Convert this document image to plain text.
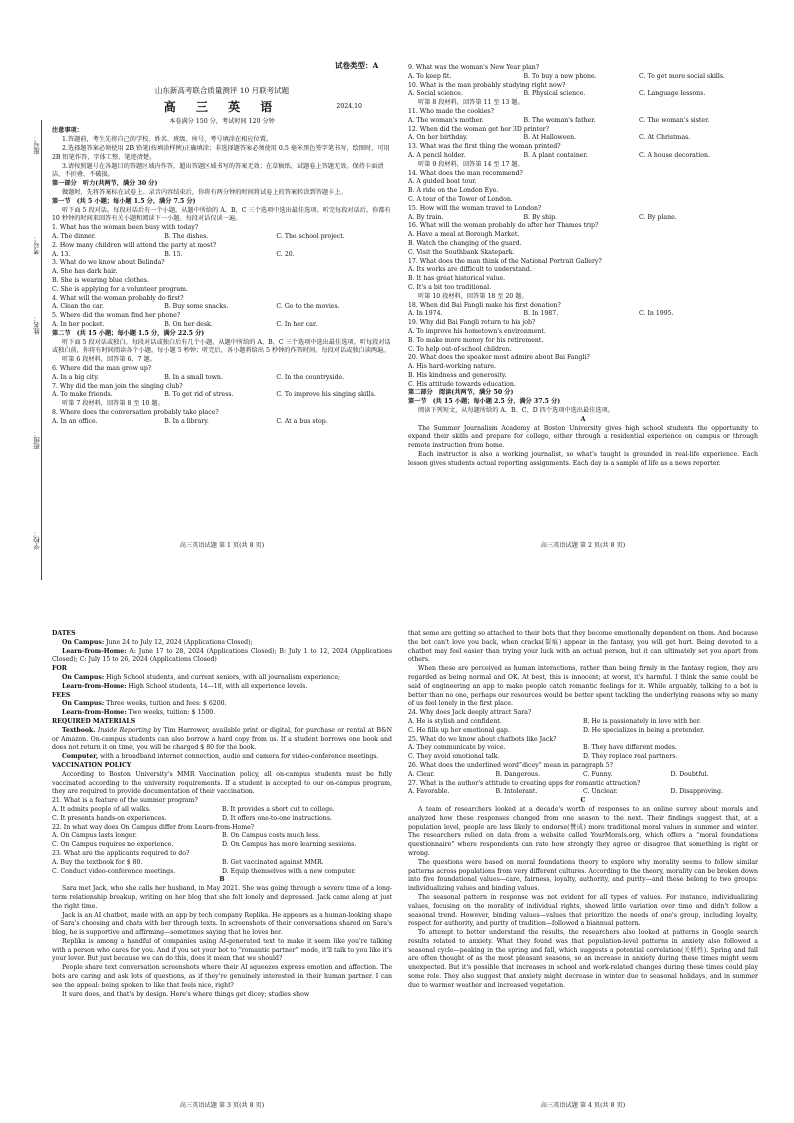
座号：
考号：
姓名：
班级：
学校：
试卷类型：A
山东新高考联合质量测评 10 月联考试题
高 三 英 语	2024.10
本卷满分 150 分，考试时间 120 分钟
注意事项：
1.答题前，考生先将自己的学校、姓名、班级、座号、考号填涂在相应位置。
2.选择题答案必须使用 2B 铅笔(按填涂样例)正确填涂；非选择题答案必须使用 0.5 毫米黑色签字笔书写，绘图时，可用 2B 铅笔作答，字体工整、笔迹清楚。
3.请按照题号在各题目的答题区域内作答，超出答题区域书写的答案无效；在草稿纸、试题卷上答题无效。保持卡面清洁，不折叠、不破损。
第一部分　听力(共两节，满分 30 分)
做题时，先将答案标在试卷上。录音内容结束后，你将有两分钟的时间将试卷上的答案转涂到答题卡上。
第一节　(共 5 小题；每小题 1.5 分，满分 7.5 分)
听下面 5 段对话。每段对话后有一个小题，从题中所给的 A、B、C 三个选项中选出最佳选项。听完每段对话后，你都有 10 秒钟的时间来回答有关小题和阅读下一小题。每段对话仅读一遍。
1. What has the woman been busy with today?
A. The dinner.	B. The dishes.	C. The school project.
2. How many children will attend the party at most?
A. 13.	B. 15.	C. 20.
3. What do we know about Belinda?
A. She has dark hair.
B. She is wearing blue clothes.
C. She is applying for a volunteer program.
4. What will the woman probably do first?
A. Clean the car.	B. Buy some snacks.	C. Go to the movies.
5. Where did the woman find her phone?
A. In her pocket.	B. On her desk.	C. In her car.
第二节　(共 15 小题；每小题 1.5 分，满分 22.5 分)
听下面 5 段对话或独白。每段对话或独白后有几个小题，从题中所给的 A、B、C 三个选项中选出最佳选项。听每段对话或独白前，你将有时间阅读各个小题，每小题 5 秒钟；听完后，各小题将给出 5 秒钟的作答时间。每段对话或独白读两遍。
听第 6 段材料，回答第 6、7 题。
6. Where did the man grow up?
A. In a big city.	B. In a small town.	C. In the countryside.
7. Why did the man join the singing club?
A. To make friends.	B. To get rid of stress.	C. To improve his singing skills.
听第 7 段材料，回答第 8 至 10 题。
8. Where does the conversation probably take place?
A. In an office.	B. In a library.	C. At a bus stop.
高三英语试题 第 1 页(共 8 页)
9. What was the woman's New Year plan?
A. To keep fit.	B. To buy a new phone.	C. To get more social skills.
10. What is the man probably studying right now?
A. Social science.	B. Physical science.	C. Language lessons.
听第 8 段材料，回答第 11 至 13 题。
11. Who made the cookies?
A. The woman's mother.	B. The woman's father.	C. The woman's sister.
12. When did the woman get her 3D printer?
A. On her birthday.	B. At Halloween.	C. At Christmas.
13. What was the first thing the woman printed?
A. A pencil holder.	B. A plant container.	C. A house decoration.
听第 9 段材料，回答第 14 至 17 题。
14. What does the man recommend?
A. A guided boat tour.
B. A ride on the London Eye.
C. A tour of the Tower of London.
15. How will the woman travel to London?
A. By train.	B. By ship.	C. By plane.
16. What will the woman probably do after her Thames trip?
A. Have a meal at Borough Market.
B. Watch the changing of the guard.
C. Visit the Southbank Skatepark.
17. What does the man think of the National Portrait Gallery?
A. Its works are difficult to understand.
B. It has great historical value.
C. It's a bit too traditional.
听第 10 段材料，回答第 18 至 20 题。
18. When did Bai Fangli make his first donation?
A. In 1974.	B. In 1987.	C. In 1995.
19. Why did Bai Fangli return to his job?
A. To improve his hometown's environment.
B. To make more money for his retirement.
C. To help out-of-school children.
20. What does the speaker most admire about Bai Fangli?
A. His hard-working nature.
B. His kindness and generosity.
C. His attitude towards education.
第二部分　阅读(共两节，满分 50 分)
第一节　(共 15 小题；每小题 2.5 分，满分 37.5 分)
阅读下列短文，从每题所给的 A、B、C、D 四个选项中选出最佳选项。
A
The Summer Journalism Academy at Boston University gives high school students the opportunity to expand their skills and prepare for college, either through a residential experience on campus or through remote instruction from home.
Each instructor is also a working journalist, so what's taught is grounded in real-life experience. Each lesson gives students actual reporting assignments. Each day is a sample of life as a news reporter.
高三英语试题 第 2 页(共 8 页)
DATES
On Campus: June 24 to July 12, 2024 (Applications Closed);
Learn-from-Home: A: June 17 to 28, 2024 (Applications Closed); B: July 1 to 12, 2024 (Applications Closed); C: July 15 to 26, 2024 (Applications Closed)
FOR
On Campus: High School students, and current seniors, with all journalism experience;
Learn-from-Home: High School students, 14—18, with all experience levels.
FEES
On Campus: Three weeks, tuition and fees: $ 6200.
Learn-from-Home: Two weeks, tuition: $ 1500.
REQUIRED MATERIALS
Textbook. Inside Reporting by Tim Harrower, available print or digital, for purchase or rental at B&N or Amazon. On-campus students can also borrow a hard copy from us. If a student borrows one book and does not return it on time, you will be charged $ 80 for the book.
Computer, with a broadband internet connection, audio and camera for video-conference meetings.
VACCINATION POLICY
According to Boston University's MMR Vaccination policy, all on-campus students must be fully vaccinated according to the university requirements. If a student is accepted to our on-campus program, they are required to provide documentation of their vaccination.
21. What is a feature of the summer program?
A. It admits people of all walks.	B. It provides a short cut to college.
C. It presents hands-on experiences.	D. It offers one-to-one instructions.
22. In what way does On Campus differ from Learn-from-Home?
A. On Campus lasts longer.	B. On Campus costs much less.
C. On Campus requires no experience.	D. On Campus has more learning sessions.
23. What are the applicants required to do?
A. Buy the textbook for $ 80.	B. Get vaccinated against MMR.
C. Conduct video-conference meetings.	D. Equip themselves with a new computer.
B
Sara met Jack, who she calls her husband, in May 2021. She was going through a severe time of a long-term relationship breakup, writing on her blog that she felt lonely and depressed. Jack came along at just the right time.
Jack is an AI chatbot, made with an app by tech company Replika. He appears as a human-looking shape of Sara's choosing and chats with her through texts. In screenshots of their conversations shared on Sara's blog, he is supportive and affirming—sometimes saying that he loves her.
Replika is among a handful of companies using AI-generated text to make it seem like you're talking with a person who cares for you. And if you set your bot to “romantic partner” mode, it'll talk to you like it's your lover. But just because we can do this, does it mean that we should?
People share text conversation screenshots where their AI squeezes express emotion and affection. The bots are caring and ask lots of questions, as if they're genuinely interested in their human partner. I can see the appeal: being spoken to like that feels nice, right?
It sure does, and that's by design. Here's where things get dicey; studies show
高三英语试题 第 3 页(共 8 页)
that some are getting so attached to their bots that they become emotionally dependent on them. And because the bot can't love you back, when cracks(裂痕) appear in the fantasy, you will get hurt. Being devoted to a chatbot may feel easier than trying your luck with an actual person, but it can ultimately set you apart from others.
When these are perceived as human interactions, rather than being firmly in the fantasy region, they are regarded as being normal and OK. At best, this is innocent; at worst, it's harmful. I think the same could be said of engineering an app to make people catch romantic feelings for it. While arguably, talking to a bot is better than no one, perhaps our resources would be better spent tackling the underlying reasons why so many of us feel lonely in the first place.
24. Why does Jack deeply attract Sara?
A. He is stylish and confident.	B. He is passionately in love with her.
C. He fills up her emotional gap.	D. He specializes in being a pretender.
25. What do we know about chatbots like Jack?
A. They communicate by voice.	B. They have different modes.
C. They avoid emotional talk.	D. They replace real partners.
26. What does the underlined word“dicey” mean in paragraph 5?
A. Clear.	B. Dangerous.	C. Funny.	D. Doubtful.
27. What is the author's attitude to creating apps for romantic attraction?
A. Favorable.	B. Intolerant.	C. Unclear.	D. Disapproving.
C
A team of researchers looked at a decade's worth of responses to an online survey about morals and analyzed how these responses changed from one season to the next. Their findings suggest that, at a population level, people are less likely to endorse(赞成) more traditional moral values in summer and winter. The researchers relied on data from a website called YourMorals.org, which offers a “moral foundations questionnaire” where respondents can rate how strongly they agree or disagree that something is right or wrong.
The questions were based on moral foundations theory to explore why morality seems to follow similar patterns across populations from very different cultures. According to the theory, morality can be broken down into five foundational values—care, fairness, loyalty, authority, and purity—and these belong to two groups: individualizing values and binding values.
The seasonal pattern in response was not evident for all types of values. For instance, individualizing values, focusing on the morality of individual rights, showed little variation over time and didn't follow a seasonal trend. However, binding values—values that prioritize the needs of one's group, including loyalty, respect for authority, and purity of tradition—followed a biannual pattern.
To attempt to better understand the results, the researchers also looked at patterns in Google search results related to anxiety. What they found was that population-level patterns in anxiety also followed a seasonal cycle—peaking in the spring and fall, which suggests a potential correlation(关联性). Spring and fall are often thought of as the most pleasant seasons, so an increase in anxiety during these times might seem unexpected. But it's possible that increases in school and work-related changes during these times could play some role. They also suggest that anxiety might decrease in winter due to seasonal holidays, and in summer due to warmer weather and increased vegetation.
高三英语试题 第 4 页(共 8 页)
